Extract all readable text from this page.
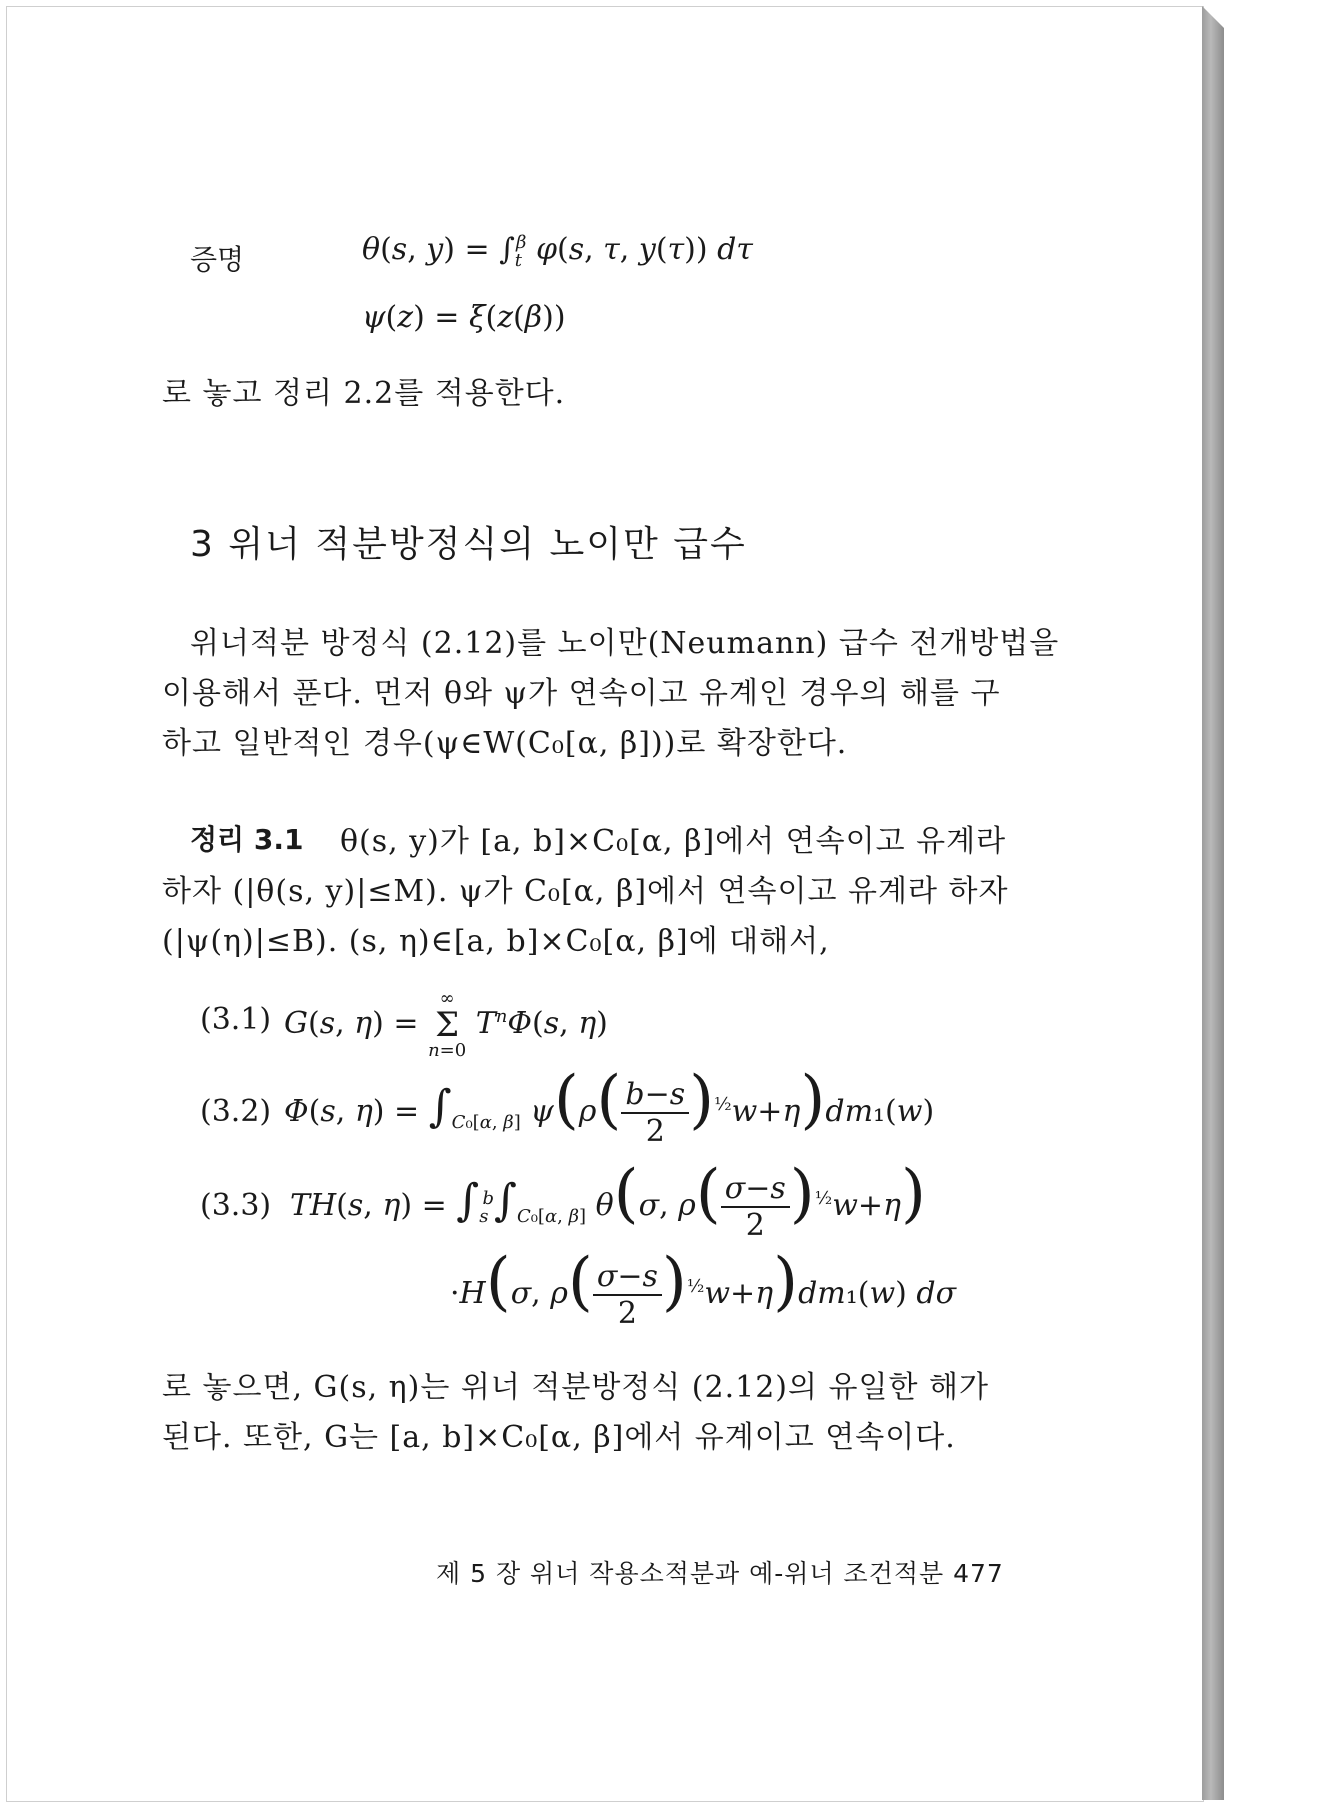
증명	θ(s, $y) = \int_t^\beta$ φ(s, τ, y(τ)) dτ
ψ(z) = ξ(z(β))
로 놓고 정리 2.2를 적용한다.
3 위너 적분방정식의 노이만 급수
위너적분 방정식 (2.12)를 노이만(Neumann) 급수 전개방법을
이용해서 푼다. 먼저 θ와 ψ가 연속이고 유계인 경우의 해를 구
하고 일반적인 경우(ψ∈W(C₀[α, β]))로 확장한다.
정리 3.1 θ(s, y)가 [a, b]×C₀[α, β]에서 연속이고 유계라
하자 (|θ(s, y)|≤M). ψ가 C₀[α, β]에서 연속이고 유계라 하자
(|ψ(η)|≤B). (s, η)∈[a, b]×C₀[α, β]에 대해서,
(3.1) G(s, η) =
∞
Σ
n=0
$T^n\Phi(s$, η)
(3.2) Φ(s, $\eta) = \int_{C_0[\alpha, \beta]}$ $\psi(\rho( \frac{b-s}{2} )^{\frac{1}{2}}w+\eta)dm_1(w)$
(3.3) TH(s, $\eta) = \int_s^b\int_{C_0[\alpha, \beta]}$ θ(σ, $\rho( \frac{\sigma-s}{2} )^{\frac{1}{2}}w+\eta$)
·H(σ, $\rho( \frac{\sigma-s}{2} )^{\frac{1}{2}}w+\eta)dm_1(w)$ dσ
로 놓으면, G(s, η)는 위너 적분방정식 (2.12)의 유일한 해가
된다. 또한, G는 [a, b]×C₀[α, β]에서 유계이고 연속이다.
제 5 장 위너 작용소적분과 예-위너 조건적분 477
